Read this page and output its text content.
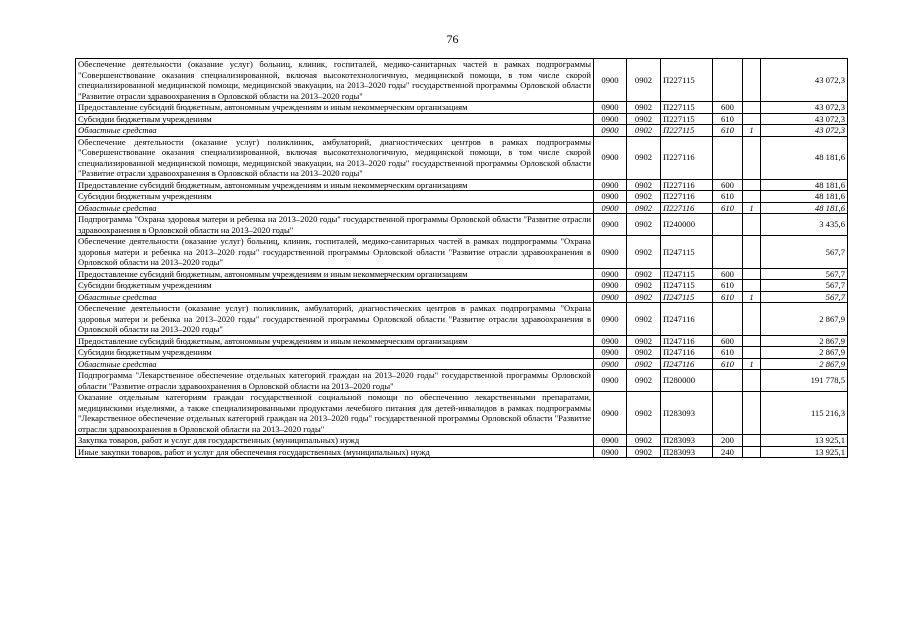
76
Обеспечение деятельности (оказание услуг) больниц, клиник, госпиталей, медико-санитарных частей в рамках подпрограммы "Совершенствование оказания специализированной, включая высокотехнологичную, медицинской помощи, в том числе скорой специализированной медицинской помощи, медицинской эвакуации, на 2013–2020 годы" государственной программы Орловской области "Развитие отрасли здравоохранения в Орловской области на 2013–2020 годы"	0900	0902	П227115			43 072,3
Предоставление субсидий бюджетным, автономным учреждениям и иным некоммерческим организациям	0900	0902	П227115	600		43 072,3
Субсидии бюджетным учреждениям	0900	0902	П227115	610		43 072,3
Областные средства	0900	0902	П227115	610	1	43 072,3
Обеспечение деятельности (оказание услуг) поликлиник, амбулаторий, диагностических центров в рамках подпрограммы "Совершенствование оказания специализированной, включая высокотехнологичную, медицинской помощи, в том числе скорой специализированной медицинской помощи, медицинской эвакуации, на 2013–2020 годы" государственной программы Орловской области "Развитие отрасли здравоохранения в Орловской области на 2013–2020 годы"	0900	0902	П227116			48 181,6
Предоставление субсидий бюджетным, автономным учреждениям и иным некоммерческим организациям	0900	0902	П227116	600		48 181,6
Субсидии бюджетным учреждениям	0900	0902	П227116	610		48 181,6
Областные средства	0900	0902	П227116	610	1	48 181,6
Подпрограмма "Охрана здоровья матери и ребенка на 2013–2020 годы" государственной программы Орловской области "Развитие отрасли здравоохранения в Орловской области на 2013–2020 годы"	0900	0902	П240000			3 435,6
Обеспечение деятельности (оказание услуг) больниц, клиник, госпиталей, медико-санитарных частей в рамках подпрограммы "Охрана здоровья матери и ребенка на 2013–2020 годы" государственной программы Орловской области "Развитие отрасли здравоохранения в Орловской области на 2013–2020 годы"	0900	0902	П247115			567,7
Предоставление субсидий бюджетным, автономным учреждениям и иным некоммерческим организациям	0900	0902	П247115	600		567,7
Субсидии бюджетным учреждениям	0900	0902	П247115	610		567,7
Областные средства	0900	0902	П247115	610	1	567,7
Обеспечение деятельности (оказание услуг) поликлиник, амбулаторий, диагностических центров в рамках подпрограммы "Охрана здоровья матери и ребенка на 2013–2020 годы" государственной программы Орловской области "Развитие отрасли здравоохранения в Орловской области на 2013–2020 годы"	0900	0902	П247116			2 867,9
Предоставление субсидий бюджетным, автономным учреждениям и иным некоммерческим организациям	0900	0902	П247116	600		2 867,9
Субсидии бюджетным учреждениям	0900	0902	П247116	610		2 867,9
Областные средства	0900	0902	П247116	610	1	2 867,9
Подпрограмма "Лекарственное обеспечение отдельных категорий граждан на 2013–2020 годы" государственной программы Орловской области "Развитие отрасли здравоохранения в Орловской области на 2013–2020 годы"	0900	0902	П280000			191 778,5
Оказание отдельным категориям граждан государственной социальной помощи по обеспечению лекарственными препаратами, медицинскими изделиями, а также специализированными продуктами лечебного питания для детей-инвалидов в рамках подпрограммы "Лекарственное обеспечение отдельных категорий граждан на 2013–2020 годы" государственной программы Орловской области "Развитие отрасли здравоохранения в Орловской области на 2013–2020 годы"	0900	0902	П283093			115 216,3
Закупка товаров, работ и услуг для государственных (муниципальных) нужд	0900	0902	П283093	200		13 925,1
Иные закупки товаров, работ и услуг для обеспечения государственных (муниципальных) нужд	0900	0902	П283093	240		13 925,1
